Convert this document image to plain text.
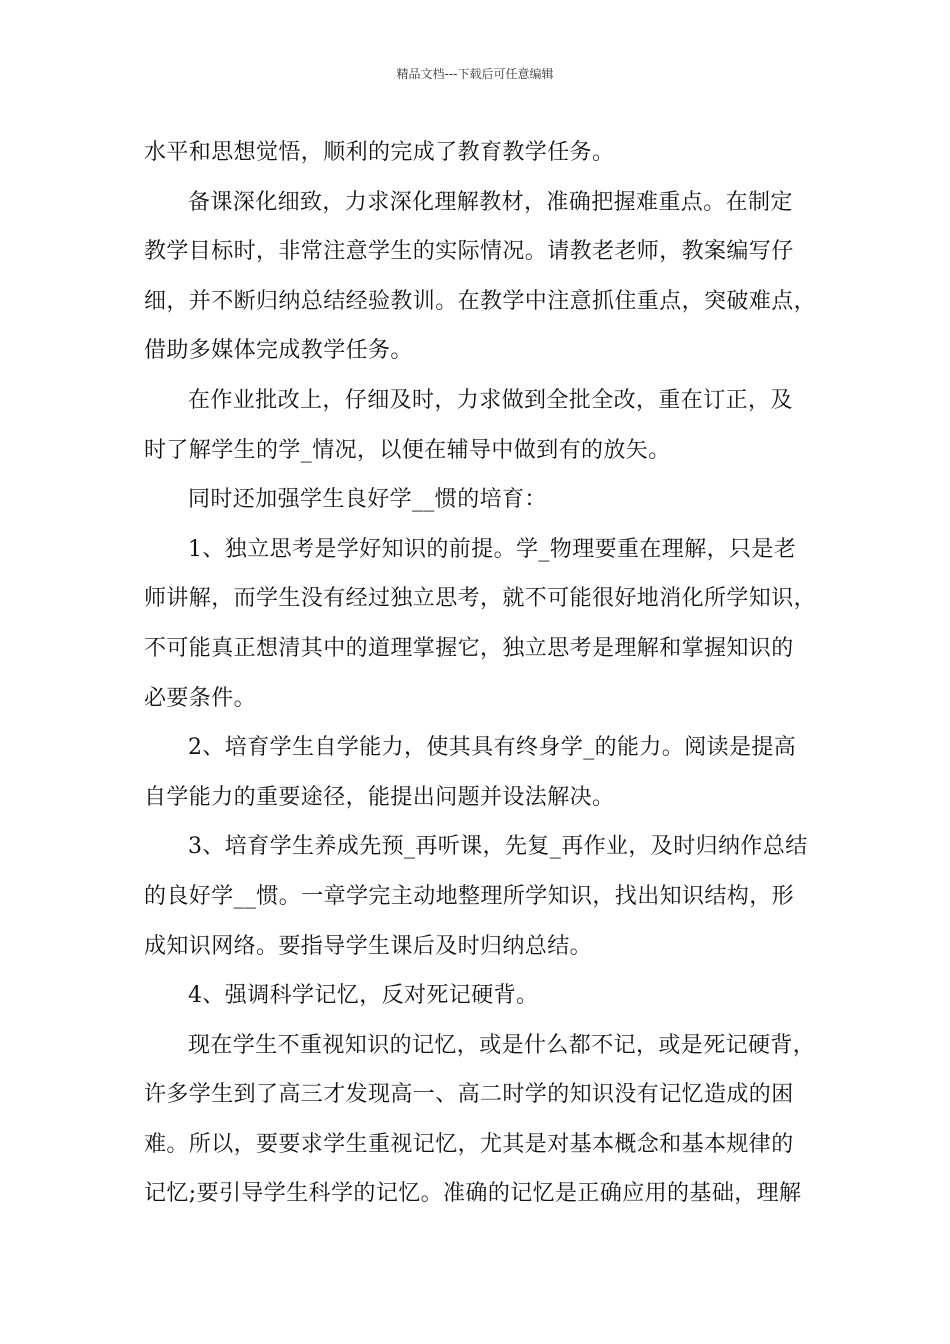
精品文档---下载后可任意编辑
水平和思想觉悟，顺利的完成了教育教学任务。
备课深化细致，力求深化理解教材，准确把握难重点。在制定
教学目标时，非常注意学生的实际情况。请教老老师，教案编写仔
细，并不断归纳总结经验教训。在教学中注意抓住重点，突破难点，
借助多媒体完成教学任务。
在作业批改上，仔细及时，力求做到全批全改，重在订正，及
时了解学生的学_情况，以便在辅导中做到有的放矢。
同时还加强学生良好学__惯的培育：
1、独立思考是学好知识的前提。学_物理要重在理解，只是老
师讲解，而学生没有经过独立思考，就不可能很好地消化所学知识，
不可能真正想清其中的道理掌握它，独立思考是理解和掌握知识的
必要条件。
2、培育学生自学能力，使其具有终身学_的能力。阅读是提高
自学能力的重要途径，能提出问题并设法解决。
3、培育学生养成先预_再听课，先复_再作业，及时归纳作总结
的良好学__惯。一章学完主动地整理所学知识，找出知识结构，形
成知识网络。要指导学生课后及时归纳总结。
4、强调科学记忆，反对死记硬背。
现在学生不重视知识的记忆，或是什么都不记，或是死记硬背，
许多学生到了高三才发现高一、高二时学的知识没有记忆造成的困
难。所以，要要求学生重视记忆，尤其是对基本概念和基本规律的
记忆;要引导学生科学的记忆。准确的记忆是正确应用的基础，理解
